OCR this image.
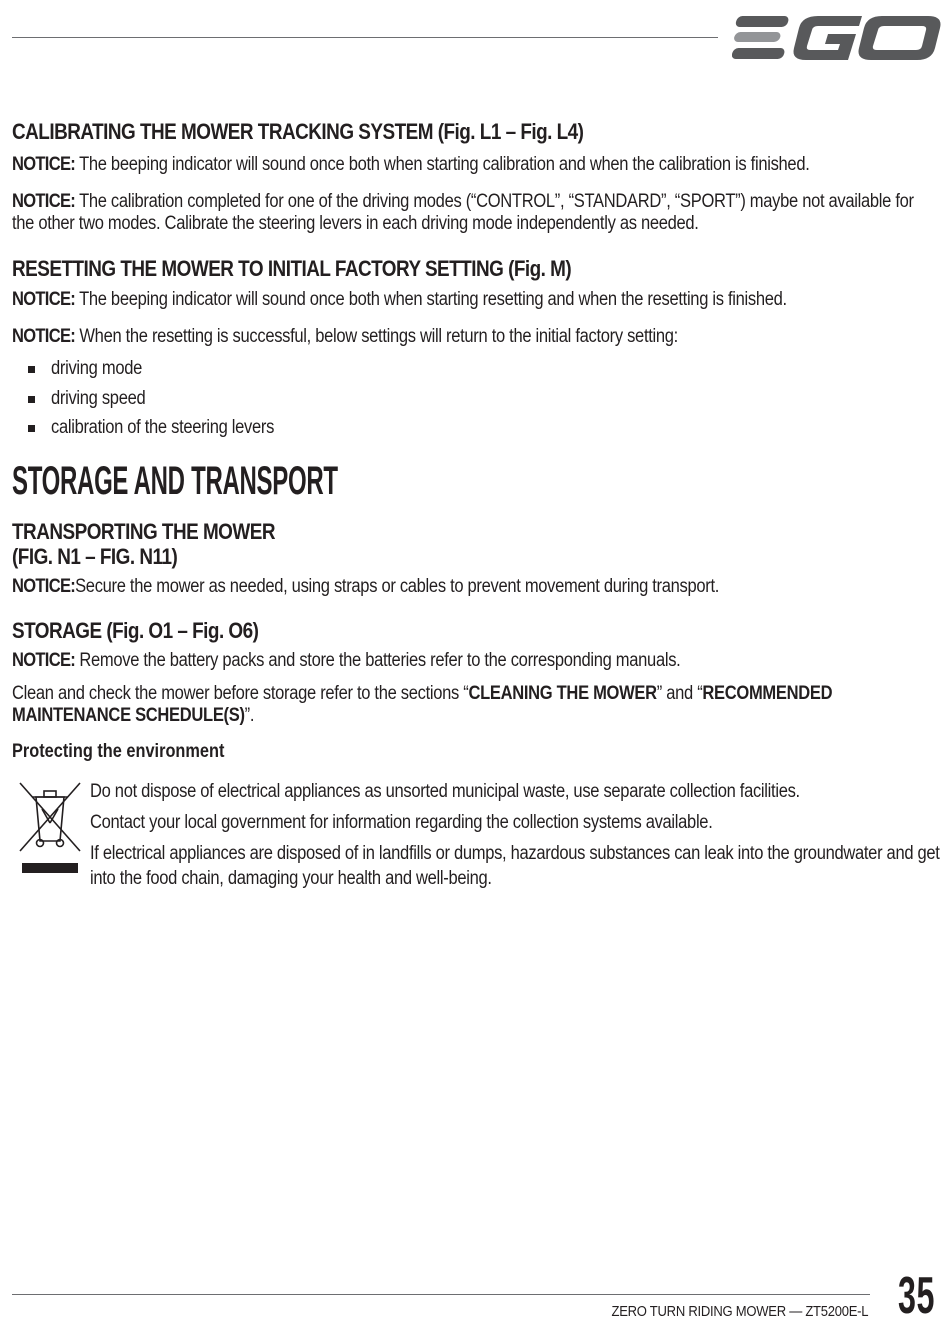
CALIBRATING THE MOWER TRACKING SYSTEM (Fig. L1 – Fig. L4)

NOTICE: The beeping indicator will sound once both when starting calibration and when the calibration is finished.

NOTICE: The calibration completed for one of the driving modes (“CONTROL”, “STANDARD”, “SPORT”) maybe not available for the other two modes. Calibrate the steering levers in each driving mode independently as needed.

RESETTING THE MOWER TO INITIAL FACTORY SETTING (Fig. M)

NOTICE: The beeping indicator will sound once both when starting resetting and when the resetting is finished.

NOTICE: When the resetting is successful, below settings will return to the initial factory setting:

driving mode
driving speed
calibration of the steering levers
STORAGE AND TRANSPORT
TRANSPORTING THE MOWER
(FIG. N1 – FIG. N11)

NOTICE:Secure the mower as needed, using straps or cables to prevent movement during transport.

STORAGE (Fig. O1 – Fig. O6)

NOTICE: Remove the battery packs and store the batteries refer to the corresponding manuals.

Clean and check the mower before storage refer to the sections “CLEANING THE MOWER” and “RECOMMENDED MAINTENANCE SCHEDULE(S)”.

Protecting the environment

Do not dispose of electrical appliances as unsorted municipal waste, use separate collection facilities.

Contact your local government for information regarding the collection systems available.

If electrical appliances are disposed of in landfills or dumps, hazardous substances can leak into the groundwater and get into the food chain, damaging your health and well-being.

ZERO TURN RIDING MOWER — ZT5200E-L 35
